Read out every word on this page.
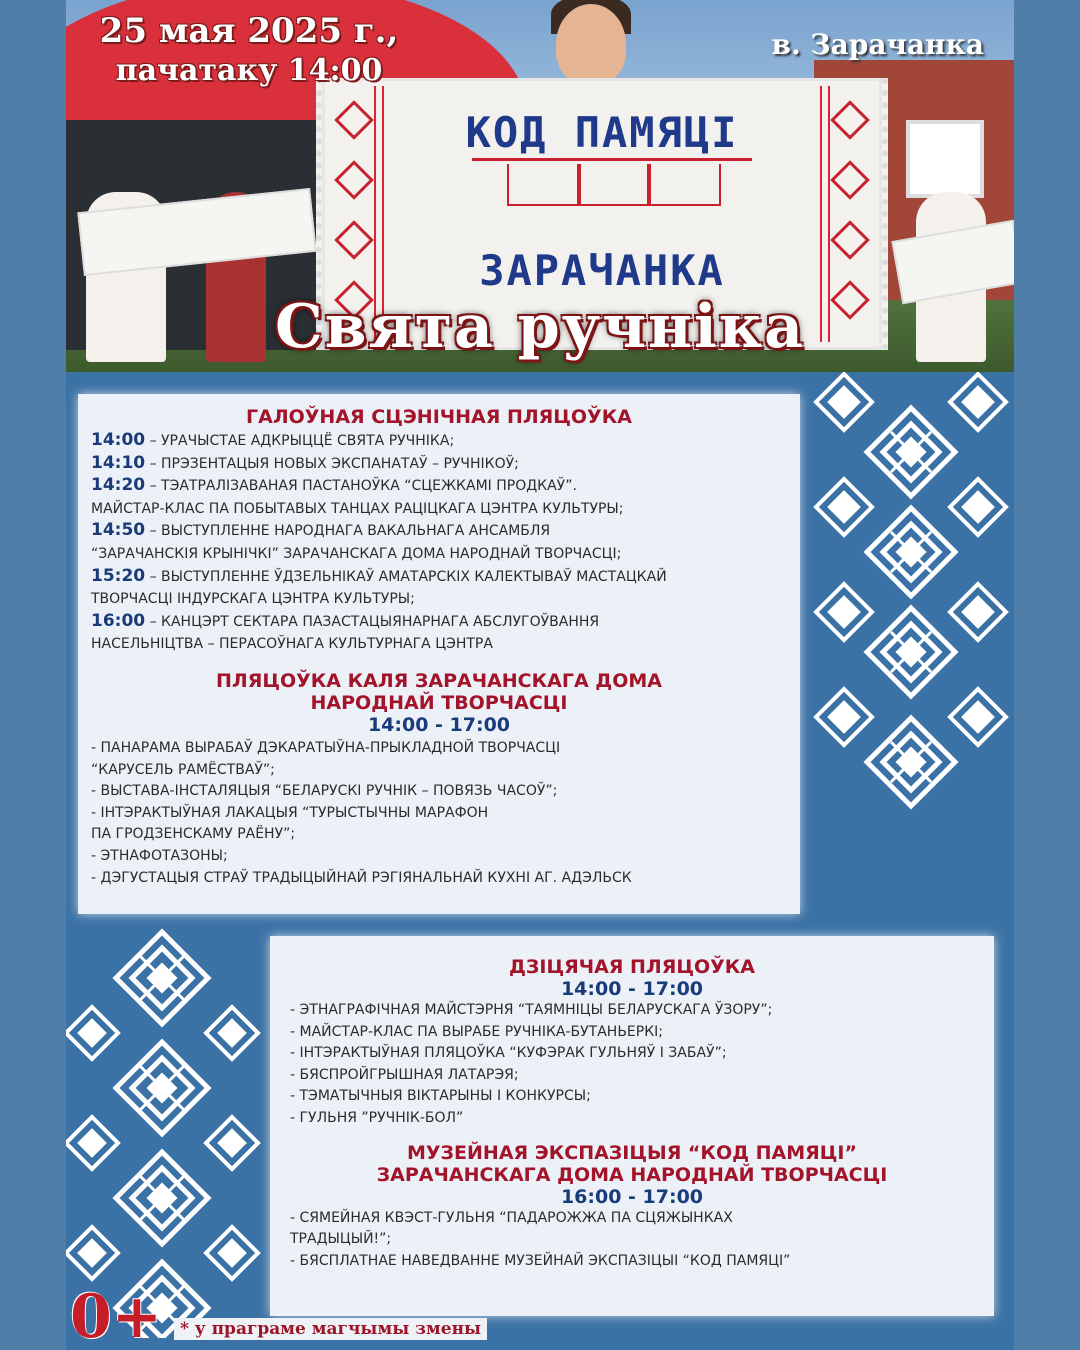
КОД ПАМЯЦІ
ЗАРАЧАНКА
25 мая 2025 г.,
пачатаку 14:00
в. Зарачанка
Свята ручніка
ГАЛОЎНАЯ СЦЭНІЧНАЯ ПЛЯЦОЎКА
14:00 – УРАЧЫСТАЕ АДКРЫЦЦЁ СВЯТА РУЧНІКА;
14:10 – ПРЭЗЕНТАЦЫЯ НОВЫХ ЭКСПАНАТАЎ – РУЧНІКОЎ;
14:20 – ТЭАТРАЛІЗАВАНАЯ ПАСТАНОЎКА “СЦЕЖКАМІ ПРОДКАЎ”.
МАЙСТАР-КЛАС ПА ПОБЫТАВЫХ ТАНЦАХ РАЦІЦКАГА ЦЭНТРА КУЛЬТУРЫ;
14:50 – ВЫСТУПЛЕННЕ НАРОДНАГА ВАКАЛЬНАГА АНСАМБЛЯ
“ЗАРАЧАНСКІЯ КРЫНІЧКІ” ЗАРАЧАНСКАГА ДОМА НАРОДНАЙ ТВОРЧАСЦІ;
15:20 – ВЫСТУПЛЕННЕ ЎДЗЕЛЬНІКАЎ АМАТАРСКІХ КАЛЕКТЫВАЎ МАСТАЦКАЙ
ТВОРЧАСЦІ ІНДУРСКАГА ЦЭНТРА КУЛЬТУРЫ;
16:00 – КАНЦЭРТ СЕКТАРА ПАЗАСТАЦЫЯНАРНАГА АБСЛУГОЎВАННЯ
НАСЕЛЬНІЦТВА – ПЕРАСОЎНАГА КУЛЬТУРНАГА ЦЭНТРА
ПЛЯЦОЎКА КАЛЯ ЗАРАЧАНСКАГА ДОМА
НАРОДНАЙ ТВОРЧАСЦІ
14:00 - 17:00
- ПАНАРАМА ВЫРАБАЎ ДЭКАРАТЫЎНА-ПРЫКЛАДНОЙ ТВОРЧАСЦІ
“КАРУСЕЛЬ РАМЁСТВАЎ”;
- ВЫСТАВА-ІНСТАЛЯЦЫЯ “БЕЛАРУСКІ РУЧНІК – ПОВЯЗЬ ЧАСОЎ”;
- ІНТЭРАКТЫЎНАЯ ЛАКАЦЫЯ “ТУРЫСТЫЧНЫ МАРАФОН
ПА ГРОДЗЕНСКАМУ РАЁНУ”;
- ЭТНАФОТАЗОНЫ;
- ДЭГУСТАЦЫЯ СТРАЎ ТРАДЫЦЫЙНАЙ РЭГІЯНАЛЬНАЙ КУХНІ АГ. АДЭЛЬСК
ДЗІЦЯЧАЯ ПЛЯЦОЎКА
14:00 - 17:00
- ЭТНАГРАФІЧНАЯ МАЙСТЭРНЯ “ТАЯМНІЦЫ БЕЛАРУСКАГА ЎЗОРУ”;
- МАЙСТАР-КЛАС ПА ВЫРАБЕ РУЧНІКА-БУТАНЬЕРКІ;
- ІНТЭРАКТЫЎНАЯ ПЛЯЦОЎКА “КУФЭРАК ГУЛЬНЯЎ І ЗАБАЎ”;
- БЯСПРОЙГРЫШНАЯ ЛАТАРЭЯ;
- ТЭМАТЫЧНЫЯ ВІКТАРЫНЫ І КОНКУРСЫ;
- ГУЛЬНЯ ”РУЧНІК-БОЛ”
МУЗЕЙНАЯ ЭКСПАЗІЦЫЯ “КОД ПАМЯЦІ”
ЗАРАЧАНСКАГА ДОМА НАРОДНАЙ ТВОРЧАСЦІ
16:00 - 17:00
- СЯМЕЙНАЯ КВЭСТ-ГУЛЬНЯ “ПАДАРОЖЖА ПА СЦЯЖЫНКАХ
ТРАДЫЦЫЙ!”;
- БЯСПЛАТНАЕ НАВЕДВАННЕ МУЗЕЙНАЙ ЭКСПАЗІЦЫІ “КОД ПАМЯЦІ”
0+	* у праграме магчымы змены
